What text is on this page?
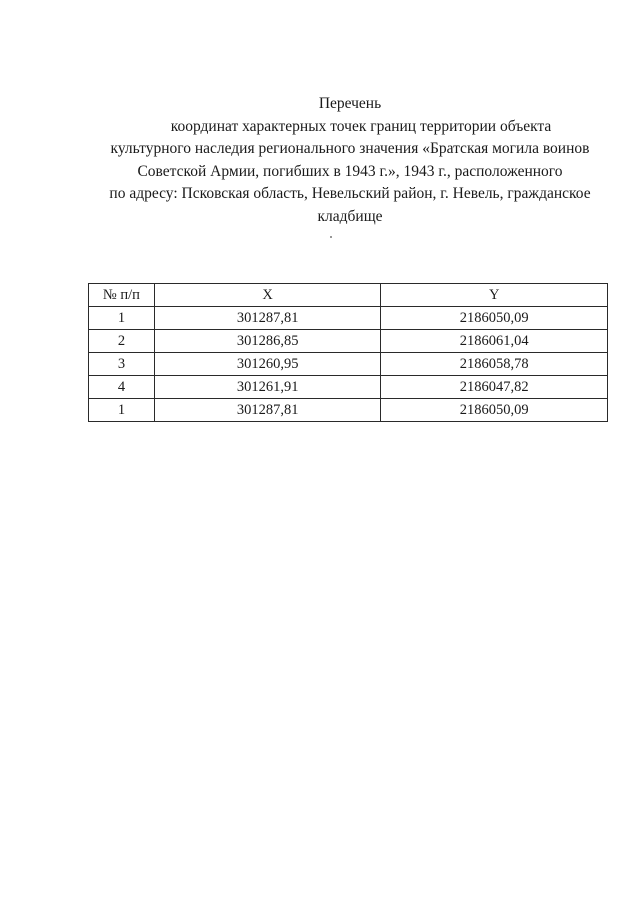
Перечень
координат характерных точек границ территории объекта
культурного наследия регионального значения «Братская могила воинов
Советской Армии, погибших в 1943 г.», 1943 г., расположенного
по адресу: Псковская область, Невельский район, г. Невель, гражданское
кладбище
№ п/п	X	Y
1	301287,81	2186050,09
2	301286,85	2186061,04
3	301260,95	2186058,78
4	301261,91	2186047,82
1	301287,81	2186050,09
